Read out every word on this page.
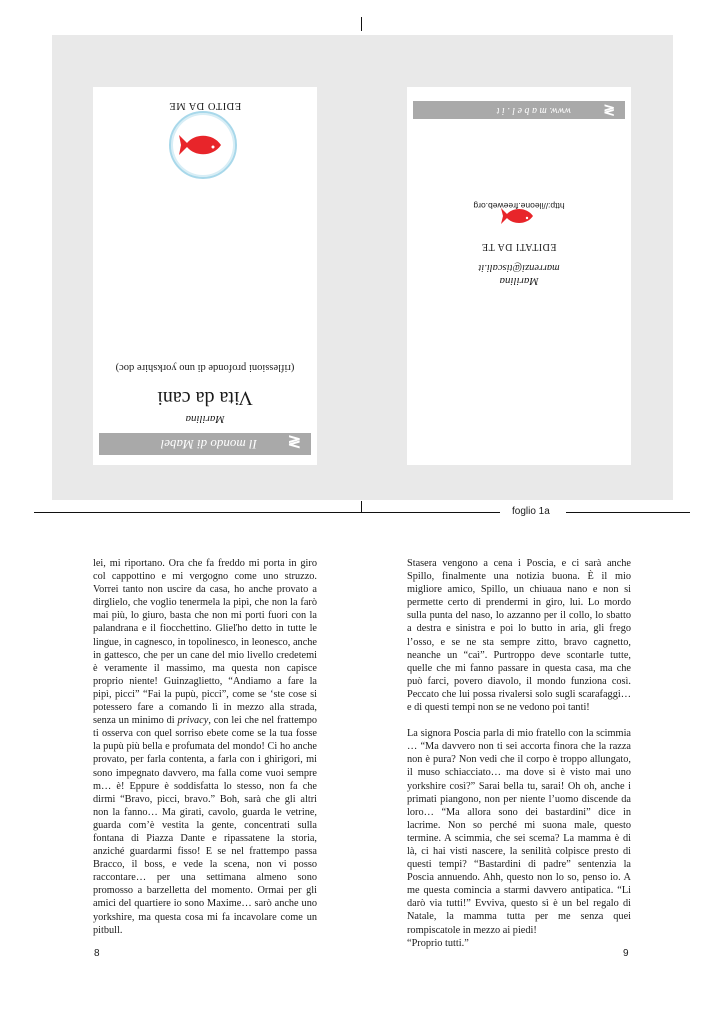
foglio 1a
≷
Il mondo di Mabel
Marilina
Vita da cani
(riflessioni profonde di uno yorkshire doc)
EDITO DA ME
Marilina
marrenzi@tiscali.it
EDITATI DA TE
http://ileone.freeweb.org
≷
www. m a b e l . i t

lei, mi riportano. Ora che fa freddo mi porta in giro col cappottino e mi vergogno come uno struzzo. Vorrei tanto non uscire da casa, ho anche provato a dirglielo, che voglio tenermela la pipì, che non la farò mai più, lo giuro, basta che non mi porti fuori con la palandrana e il fiocchettino. Glieľho detto in tutte le lingue, in cagnesco, in topolinesco, in leonesco, anche in gattesco, che per un cane del mio livello credetemi è veramente il massimo, ma questa non capisce proprio niente! Guinzaglietto, “Andiamo a fare la pipì, picci” “Fai la pupù, picci”, come se ‘ste cose si potessero fare a comando lì in mezzo alla strada, senza un minimo di privacy, con lei che nel frattempo ti osserva con quel sorriso ebete come se la tua fosse la pupù più bella e profumata del mondo! Ci ho anche provato, per farla contenta, a farla con i ghirigori, mi sono impegnato davvero, ma falla come vuoi sempre m… è! Eppure è soddisfatta lo stesso, non fa che dirmi “Bravo, picci, bravo.” Boh, sarà che gli altri non la fanno… Ma girati, cavolo, guarda le vetrine, guarda com’è vestita la gente, concentrati sulla fontana di Piazza Dante e ripassatene la storia, anziché guardarmi fisso! E se nel frattempo passa Bracco, il boss, e vede la scena, non vi posso raccontare… per una settimana almeno sono promosso a barzelletta del momento. Ormai per gli amici del quartiere io sono Maxime… sarò anche uno yorkshire, ma questa cosa mi fa incavolare come un pitbull.

8

Stasera vengono a cena i Poscia, e ci sarà anche Spillo, finalmente una notizia buona. È il mio migliore amico, Spillo, un chiuaua nano e non si permette certo di prendermi in giro, lui. Lo mordo sulla punta del naso, lo azzanno per il collo, lo sbatto a destra e sinistra e poi lo butto in aria, gli frego l’osso, e se ne sta sempre zitto, bravo cagnetto, neanche un “caì”. Purtroppo deve scontarle tutte, quelle che mi fanno passare in questa casa, ma che può farci, povero diavolo, il mondo funziona così. Peccato che lui possa rivalersi solo sugli scarafaggi… e di questi tempi non se ne vedono poi tanti!

La signora Poscia parla di mio fratello con la scimmia … “Ma davvero non ti sei accorta finora che la razza non è pura? Non vedi che il corpo è troppo allungato, il muso schiacciato… ma dove si è visto mai uno yorkshire così?” Sarai bella tu, sarai! Oh oh, anche i primati piangono, non per niente l’uomo discende da loro… “Ma allora sono dei bastardini” dice in lacrime. Non so perché mi suona male, questo termine. A scimmia, che sei scema? La mamma è di là, ci hai visti nascere, la senilità colpisce presto di questi tempi? “Bastardini di padre” sentenzia la Poscia annuendo. Ahh, questo non lo so, penso io. A me questa comincia a starmi davvero antipatica. “Li darò via tutti!” Evviva, questo sì è un bel regalo di Natale, la mamma tutta per me senza quei rompiscatole in mezzo ai piedi!

“Proprio tutti.”

9
